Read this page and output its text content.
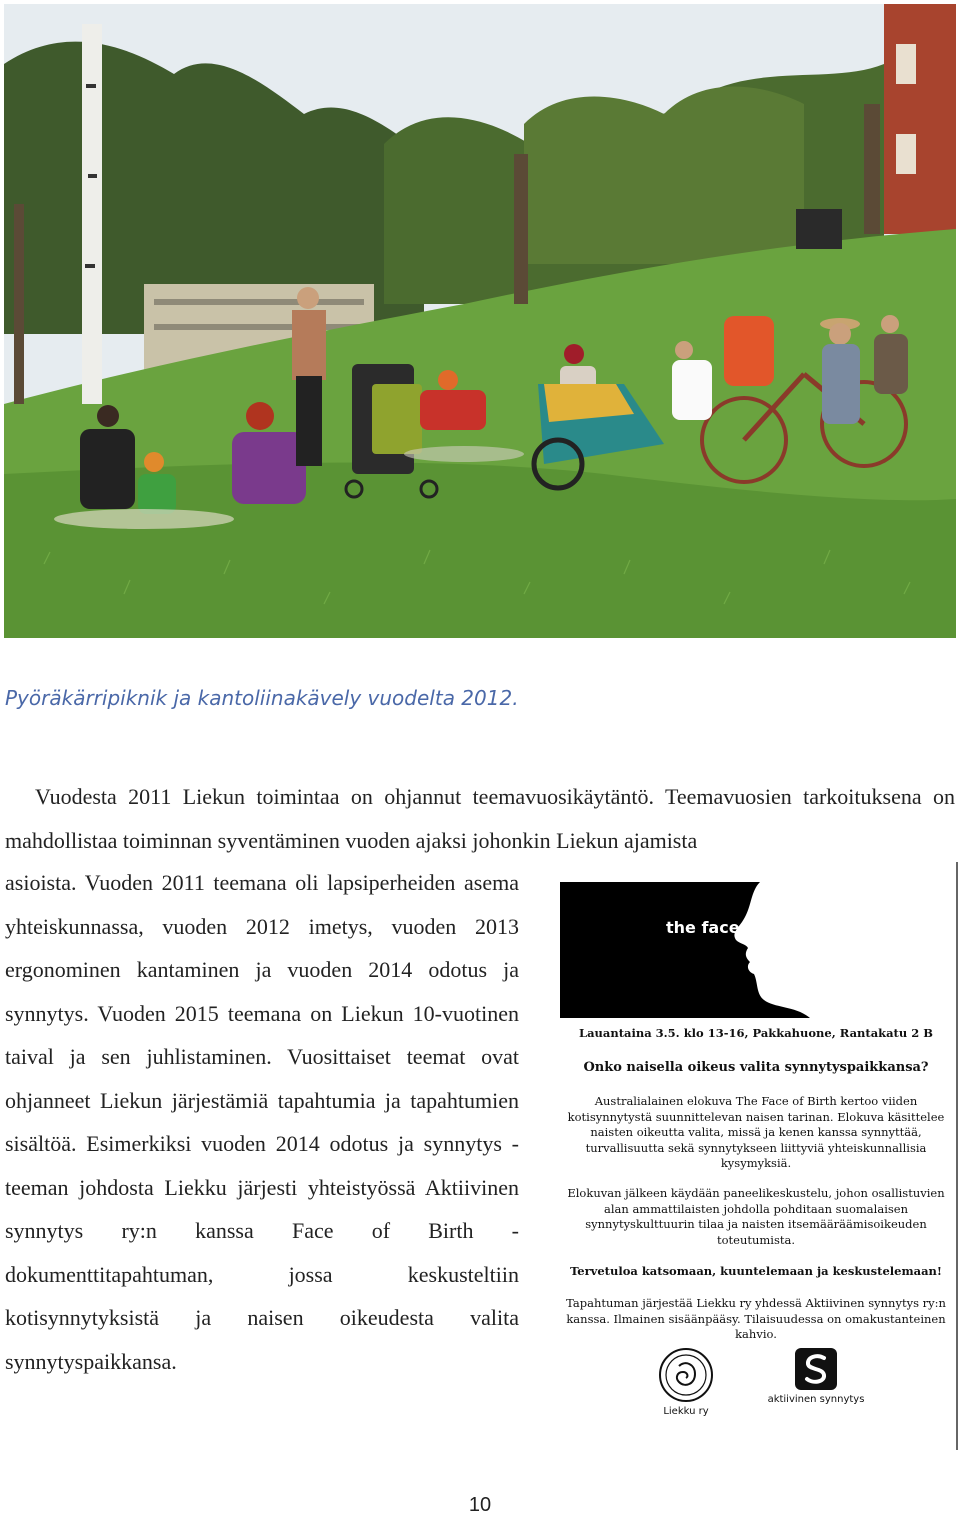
Pyöräkärripiknik ja kantoliinakävely vuodelta 2012.
Vuodesta 2011 Liekun toimintaa on ohjannut teemavuosikäytäntö. Teemavuosien tarkoituksena on mahdollistaa toiminnan syventäminen vuoden ajaksi johonkin Liekun ajamista
asioista. Vuoden 2011 teemana oli lapsiperheiden asema yhteiskunnassa, vuoden 2012 imetys, vuoden 2013 ergonominen kantaminen ja vuoden 2014 odotus ja synnytys. Vuoden 2015 teemana on Liekun 10-vuotinen taival ja sen juhlistaminen. Vuosittaiset teemat ovat ohjanneet Liekun järjestämiä tapahtumia ja tapahtumien sisältöä. Esimerkiksi vuoden 2014 odotus ja synnytys -teeman johdosta Liekku järjesti yhteistyössä Aktiivinen synnytys ry:n kanssa Face of Birth -dokumenttitapahtuman, jossa keskusteltiin kotisynnytyksistä ja naisen oikeudesta valita synnytyspaikkansa.
the face of birth
WHERE THE PERSONAL GETS POLITICAL
Lauantaina 3.5. klo 13-16, Pakkahuone, Rantakatu 2 B
Onko naisella oikeus valita synnytyspaikkansa?
Australialainen elokuva The Face of Birth kertoo viiden kotisynnytystä suunnittelevan naisen tarinan. Elokuva käsittelee naisten oikeutta valita, missä ja kenen kanssa synnyttää, turvallisuutta sekä synnytykseen liittyviä yhteiskunnallisia kysymyksiä.
Elokuvan jälkeen käydään paneelikeskustelu, johon osallistuvien alan ammattilaisten johdolla pohditaan suomalaisen synnytyskulttuurin tilaa ja naisten itsemääräämisoikeuden toteutumista.
Tervetuloa katsomaan, kuuntelemaan ja keskustelemaan!
Tapahtuman järjestää Liekku ry yhdessä Aktiivinen synnytys ry:n kanssa. Ilmainen sisäänpääsy. Tilaisuudessa on omakustanteinen kahvio.
Liekku ry
aktiivinen synnytys
10
